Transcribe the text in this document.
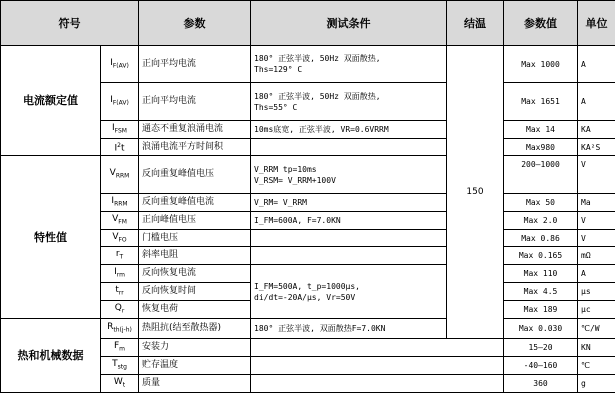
符号		参数	测试条件	结温	参数值	单位
电流额定值	$I_{F(AV)}$	正向平均电流	180° 正弦半波, 50Hz 双面散热,
Ths=129° C	150	Max 1000	A
	$I_{F(AV)}$	正向平均电流	180° 正弦半波, 50Hz 双面散热,
Ths=55° C		Max 1651	A
	$I_{FSM}$	通态不重复浪涌电流	10ms底宽, 正弦半波, VR=0.6VRRM		Max 14	KA
	$I^2t$	浪涌电流平方时间积			Max980	KA²S
特性值	$V_{RRM}$	反向重复峰值电压	V_RRM tp=10ms
V_RSM= V_RRM+100V		200–1000	V
	$I_{RRM}$	反向重复峰值电流	V_RM= V_RRM		Max 50	Ma
	$V_{FM}$	正向峰值电压	I_FM=600A, F=7.0KN		Max 2.0	V
	$V_{FO}$	门槛电压			Max 0.86	V
	$r_T$	斜率电阻			Max 0.165	mΩ
	$I_{rm}$	反向恢复电流	I_FM=500A, t_p=1000μs,
di/dt=-20A/μs, Vr=50V		Max 110	A
	$t_{rr}$	反向恢复时间			Max 4.5	μs
	$Q_r$	恢复电荷			Max 189	μc
热和机械数据	$R_{th(j-h)}$	热阻抗(结至散热器)	180° 正弦半波, 双面散热F=7.0KN		Max 0.030	℃/W
	$F_m$	安装力			15–20	KN
	$T_{stg}$	贮存温度			-40–160	℃
	$W_t$	质量			360	g
